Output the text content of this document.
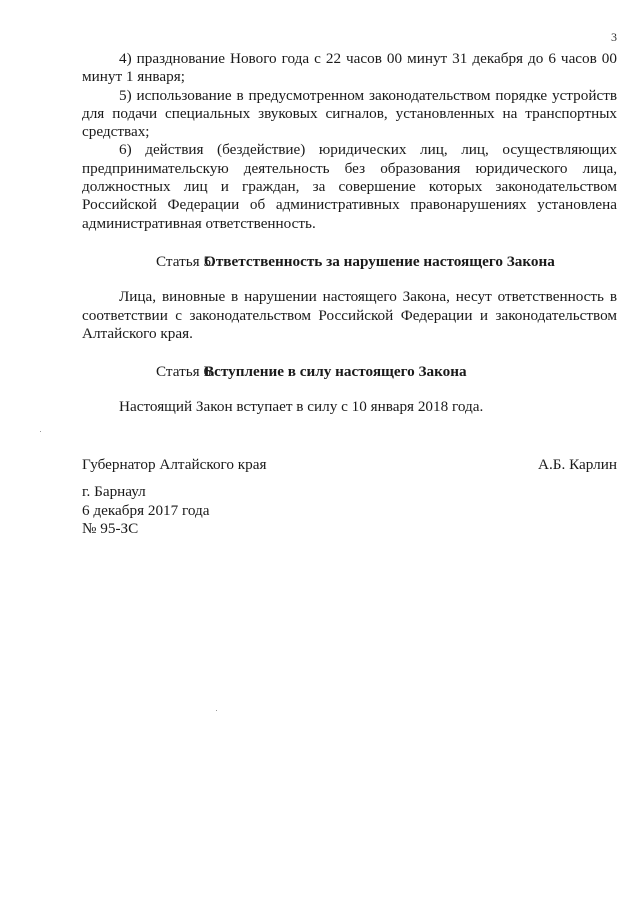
3

4) празднование Нового года с 22 часов 00 минут 31 декабря до 6 часов 00 минут 1 января;

5) использование в предусмотренном законодательством порядке устройств для подачи специальных звуковых сигналов, установленных на транспортных средствах;

6) действия (бездействие) юридических лиц, лиц, осуществляющих предпринимательскую деятельность без образования юридического лица, должностных лиц и граждан, за совершение которых законодательством Российской Федерации об административных правонарушениях установлена административная ответственность.

Статья 5.Ответственность за нарушение настоящего Закона

Лица, виновные в нарушении настоящего Закона, несут ответственность в соответствии с законодательством Российской Федерации и законодательством Алтайского края.

Статья 6.Вступление в силу настоящего Закона

Настоящий Закон вступает в силу с 10 января 2018 года.

Губернатор Алтайского края	А.Б. Карлин
г. Барнаул
6 декабря 2017 года
№ 95-ЗС
